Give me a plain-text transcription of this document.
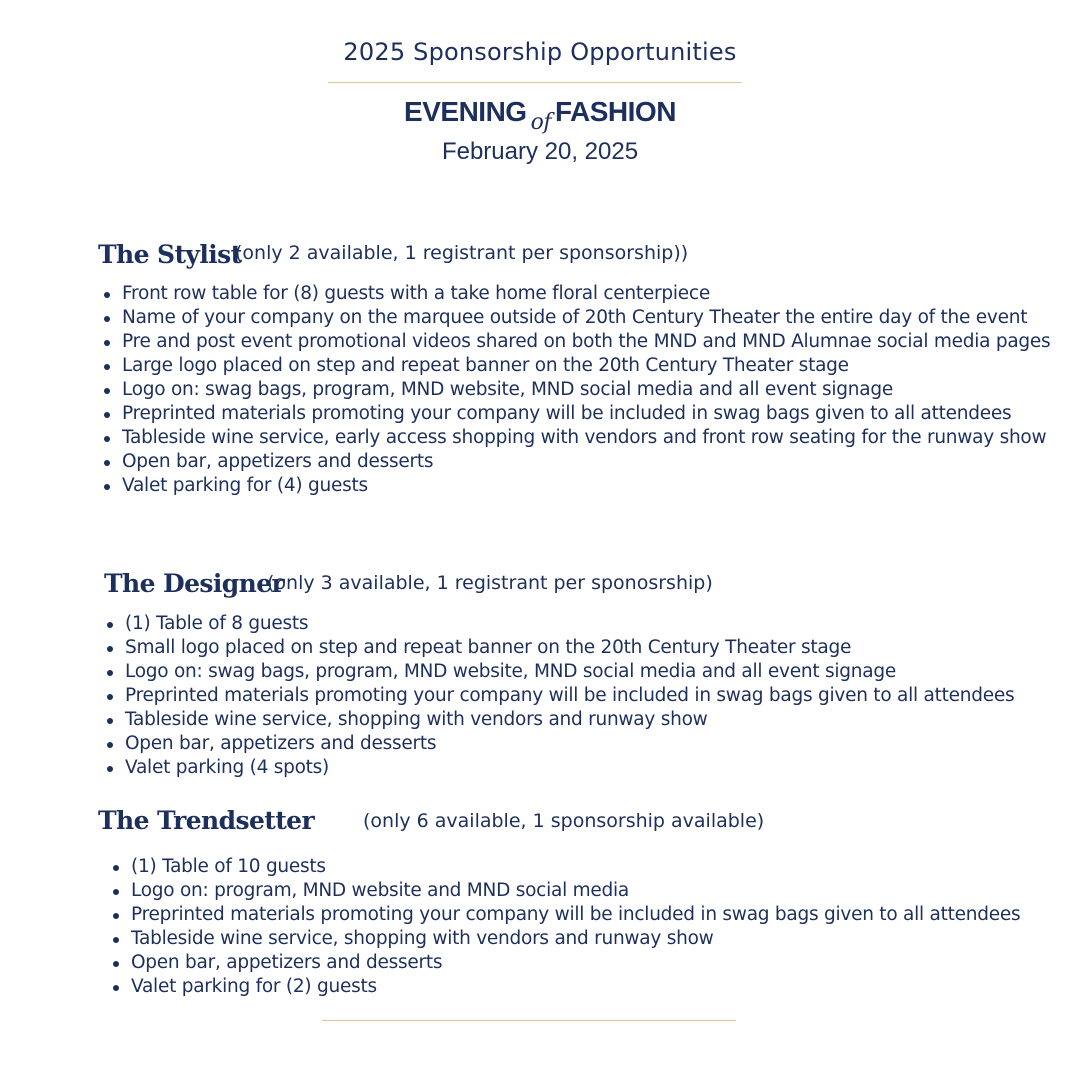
2025 Sponsorship Opportunities
EVENING $_{of}$ FASHION
February 20, 2025
The Stylist
(only 2 available, 1 registrant per sponsorship))
Front row table for (8) guests with a take home floral centerpiece
Name of your company on the marquee outside of 20th Century Theater the entire day of the event
Pre and post event promotional videos shared on both the MND and MND Alumnae social media pages
Large logo placed on step and repeat banner on the 20th Century Theater stage
Logo on: swag bags, program, MND website, MND social media and all event signage
Preprinted materials promoting your company will be included in swag bags given to all attendees
Tableside wine service, early access shopping with vendors and front row seating for the runway show
Open bar, appetizers and desserts
Valet parking for (4) guests
The Designer
(only 3 available, 1 registrant per sponosrship)
(1) Table of 8 guests
Small logo placed on step and repeat banner on the 20th Century Theater stage
Logo on: swag bags, program, MND website, MND social media and all event signage
Preprinted materials promoting your company will be included in swag bags given to all attendees
Tableside wine service, shopping with vendors and runway show
Open bar, appetizers and desserts
Valet parking (4 spots)
The Trendsetter	(only 6 available, 1 sponsorship available)
(1) Table of 10 guests
Logo on: program, MND website and MND social media
Preprinted materials promoting your company will be included in swag bags given to all attendees
Tableside wine service, shopping with vendors and runway show
Open bar, appetizers and desserts
Valet parking for (2) guests
